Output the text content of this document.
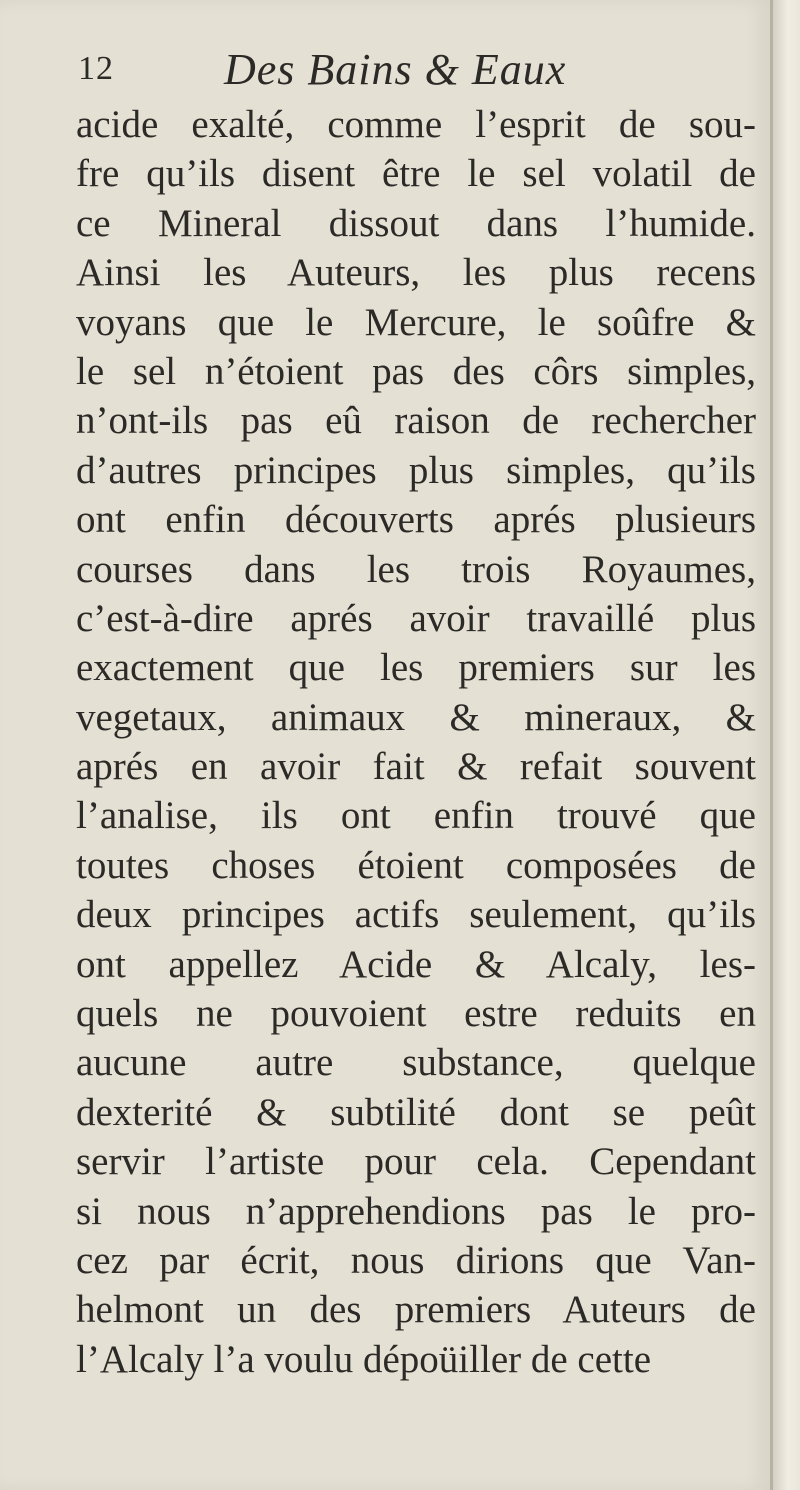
12	Des Bains & Eaux
acide exalté, comme l’esprit de sou-
fre qu’ils disent être le sel volatil de
ce Mineral dissout dans l’humide.
Ainsi les Auteurs, les plus recens
voyans que le Mercure, le soûfre &
le sel n’étoient pas des côrs simples,
n’ont-ils pas eû raison de rechercher
d’autres principes plus simples, qu’ils
ont enfin découverts aprés plusieurs
courses dans les trois Royaumes,
c’est-à-dire aprés avoir travaillé plus
exactement que les premiers sur les
vegetaux, animaux & mineraux, &
aprés en avoir fait & refait souvent
l’analise, ils ont enfin trouvé que
toutes choses étoient composées de
deux principes actifs seulement, qu’ils
ont appellez Acide & Alcaly, les-
quels ne pouvoient estre reduits en
aucune autre substance, quelque
dexterité & subtilité dont se peût
servir l’artiste pour cela. Cependant
si nous n’apprehendions pas le pro-
cez par écrit, nous dirions que Van-
helmont un des premiers Auteurs de
l’Alcaly l’a voulu dépoüiller de cette
